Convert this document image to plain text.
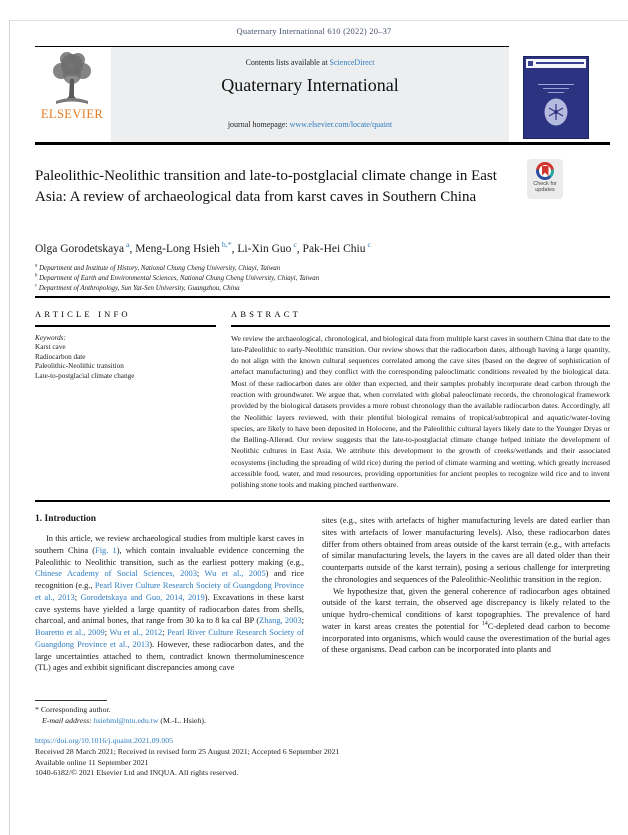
Quaternary International 610 (2022) 20–37
ELSEVIER
Contents lists available at ScienceDirect
Quaternary International
journal homepage: www.elsevier.com/locate/quaint
Check for updates
Paleolithic-Neolithic transition and late-to-postglacial climate change in East Asia: A review of archaeological data from karst caves in Southern China
Olga Gorodetskaya $^a$, Meng-Long Hsieh $^{b,*}$, Li-Xin Guo $^c$, Pak-Hei Chiu $^c$
$^a$ Department and Institute of History, National Chung Cheng University, Chiayi, Taiwan
$^b$ Department of Earth and Environmental Sciences, National Chung Cheng University, Chiayi, Taiwan
$^c$ Department of Anthropology, Sun Yat-Sen University, Guangzhou, China
ARTICLE INFO
Keywords:
Karst cave
Radiocarbon date
Paleolithic-Neolithic transition
Late-to-postglacial climate change
ABSTRACT
We review the archaeological, chronological, and biological data from multiple karst caves in southern China that date to the late-Paleolithic to early-Neolithic transition. Our review shows that the radiocarbon dates, although having a large quantity, do not align with the known cultural sequences correlated among the cave sites (based on the degree of sophistication of artefact manufacturing) and they conflict with the corresponding paleoclimatic conditions revealed by the biological data. Most of these radiocarbon dates are older than expected, and their samples probably incorporate dead carbon through the reaction with groundwater. We argue that, when correlated with global paleoclimate records, the chronological framework provided by the biological datasets provides a more robust chronology than the available radiocarbon dates. Accordingly, all the Neolithic layers reviewed, with their plentiful biological remains of tropical/subtropical and aquatic/water-loving species, are likely to have been deposited in Holocene, and the Paleolithic cultural layers likely date to the Younger Dryas or the Bølling-Allerød. Our review suggests that the late-to-postglacial climate change helped initiate the development of Neolithic cultures in East Asia. We attribute this development to the growth of creeks/wetlands and their associated ecosystems (including the spreading of wild rice) during the period of climate warming and wetting, which greatly increased accessible food, water, and mud resources, providing opportunities for ancient peoples to recognize wild rice and to invent polishing stone tools and making pinched earthenware.
1. Introduction

In this article, we review archaeological studies from multiple karst caves in southern China (Fig. 1), which contain invaluable evidence concerning the Paleolithic to Neolithic transition, such as the earliest pottery making (e.g., Chinese Academy of Social Sciences, 2003; Wu et al., 2005) and rice recognition (e.g., Pearl River Culture Research Society of Guangdong Province et al., 2013; Gorodetskaya and Guo, 2014, 2019). Excavations in these karst cave systems have yielded a large quantity of radiocarbon dates from shells, charcoal, and animal bones, that range from 30 ka to 8 ka cal BP (Zhang, 2003; Boaretto et al., 2009; Wu et al., 2012; Pearl River Culture Research Society of Guangdong Province et al., 2013). However, these radiocarbon dates, and the large uncertainties attached to them, contradict known thermoluminescence (TL) ages and exhibit significant discrepancies among cave

sites (e.g., sites with artefacts of higher manufacturing levels are dated earlier than sites with artefacts of lower manufacturing levels). Also, these radiocarbon dates differ from others obtained from areas outside of the karst terrain (e.g., with artefacts of similar manufacturing levels, the layers in the caves are all dated older than their counterparts outside of the karst terrain), posing a serious challenge for interpreting the chronologies and sequences of the Paleolithic-Neolithic transition in the region.

We hypothesize that, given the general coherence of radiocarbon ages obtained outside of the karst terrain, the observed age discrepancy is likely related to the unique hydro-chemical conditions of karst topographies. The prevalence of hard water in karst areas creates the potential for $^{14}$C-depleted dead carbon to become incorporated into organisms, which would cause the overestimation of the burial ages of these organisms. Dead carbon can be incorporated into plants and

* Corresponding author.
E-mail address: hsiehml@ntu.edu.tw (M.-L. Hsieh).
https://doi.org/10.1016/j.quaint.2021.09.005
Received 28 March 2021; Received in revised form 25 August 2021; Accepted 6 September 2021
Available online 11 September 2021
1040-6182/© 2021 Elsevier Ltd and INQUA. All rights reserved.
